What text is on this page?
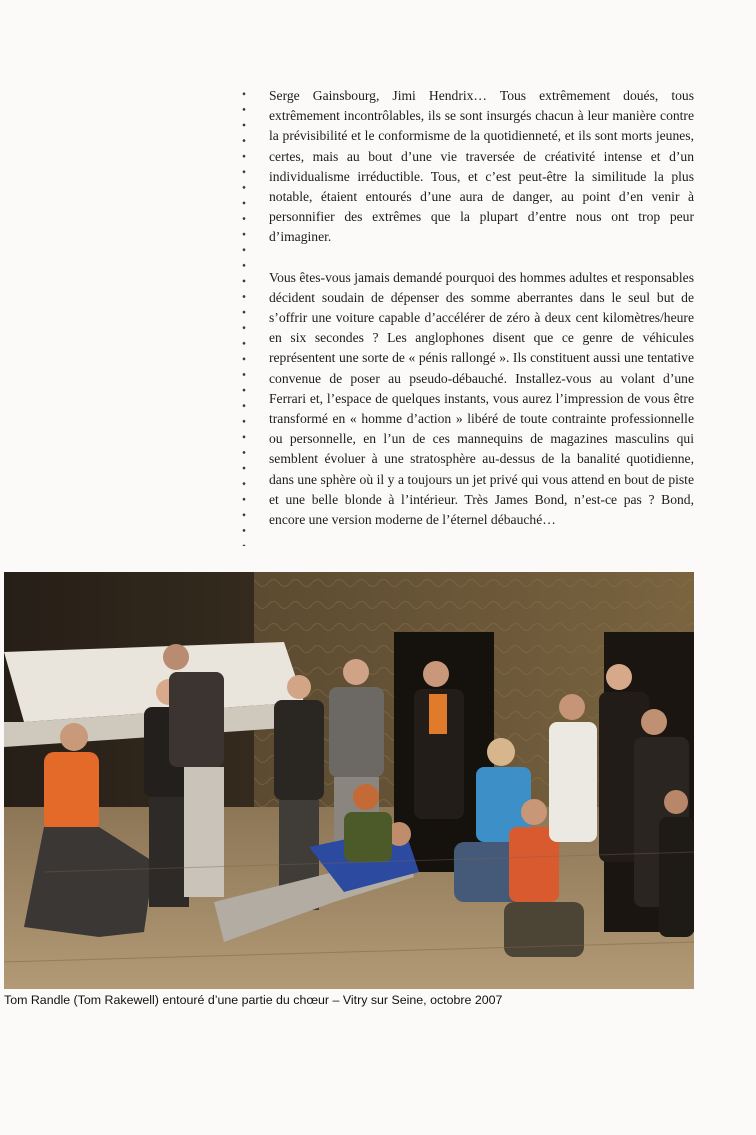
Serge Gainsbourg, Jimi Hendrix… Tous extrêmement doués, tous extrêmement incontrôlables, ils se sont insurgés chacun à leur manière contre la prévisibilité et le conformisme de la quotidienneté, et ils sont morts jeunes, certes, mais au bout d’une vie traversée de créativité intense et d’un individualisme irréductible. Tous, et c’est peut-être la similitude la plus notable, étaient entourés d’une aura de danger, au point d’en venir à personnifier des extrêmes que la plupart d’entre nous ont trop peur d’imaginer.

Vous êtes-vous jamais demandé pourquoi des hommes adultes et responsables décident soudain de dépenser des somme aberrantes dans le seul but de s’offrir une voiture capable d’accélérer de zéro à deux cent kilomètres/heure en six secondes ? Les anglophones disent que ce genre de véhicules représentent une sorte de « pénis rallongé ». Ils constituent aussi une tentative convenue de poser au pseudo-débauché. Installez-vous au volant d’une Ferrari et, l’espace de quelques instants, vous aurez l’impression de vous être transformé en « homme d’action » libéré de toute contrainte professionnelle ou personnelle, en l’un de ces mannequins de magazines masculins qui semblent évoluer à une stratosphère au-dessus de la banalité quotidienne, dans une sphère où il y a toujours un jet privé qui vous attend en bout de piste et une belle blonde à l’intérieur. Très James Bond, n’est-ce pas ? Bond, encore une version moderne de l’éternel débauché…

Tom Randle (Tom Rakewell) entouré d’une partie du chœur – Vitry sur Seine, octobre 2007
